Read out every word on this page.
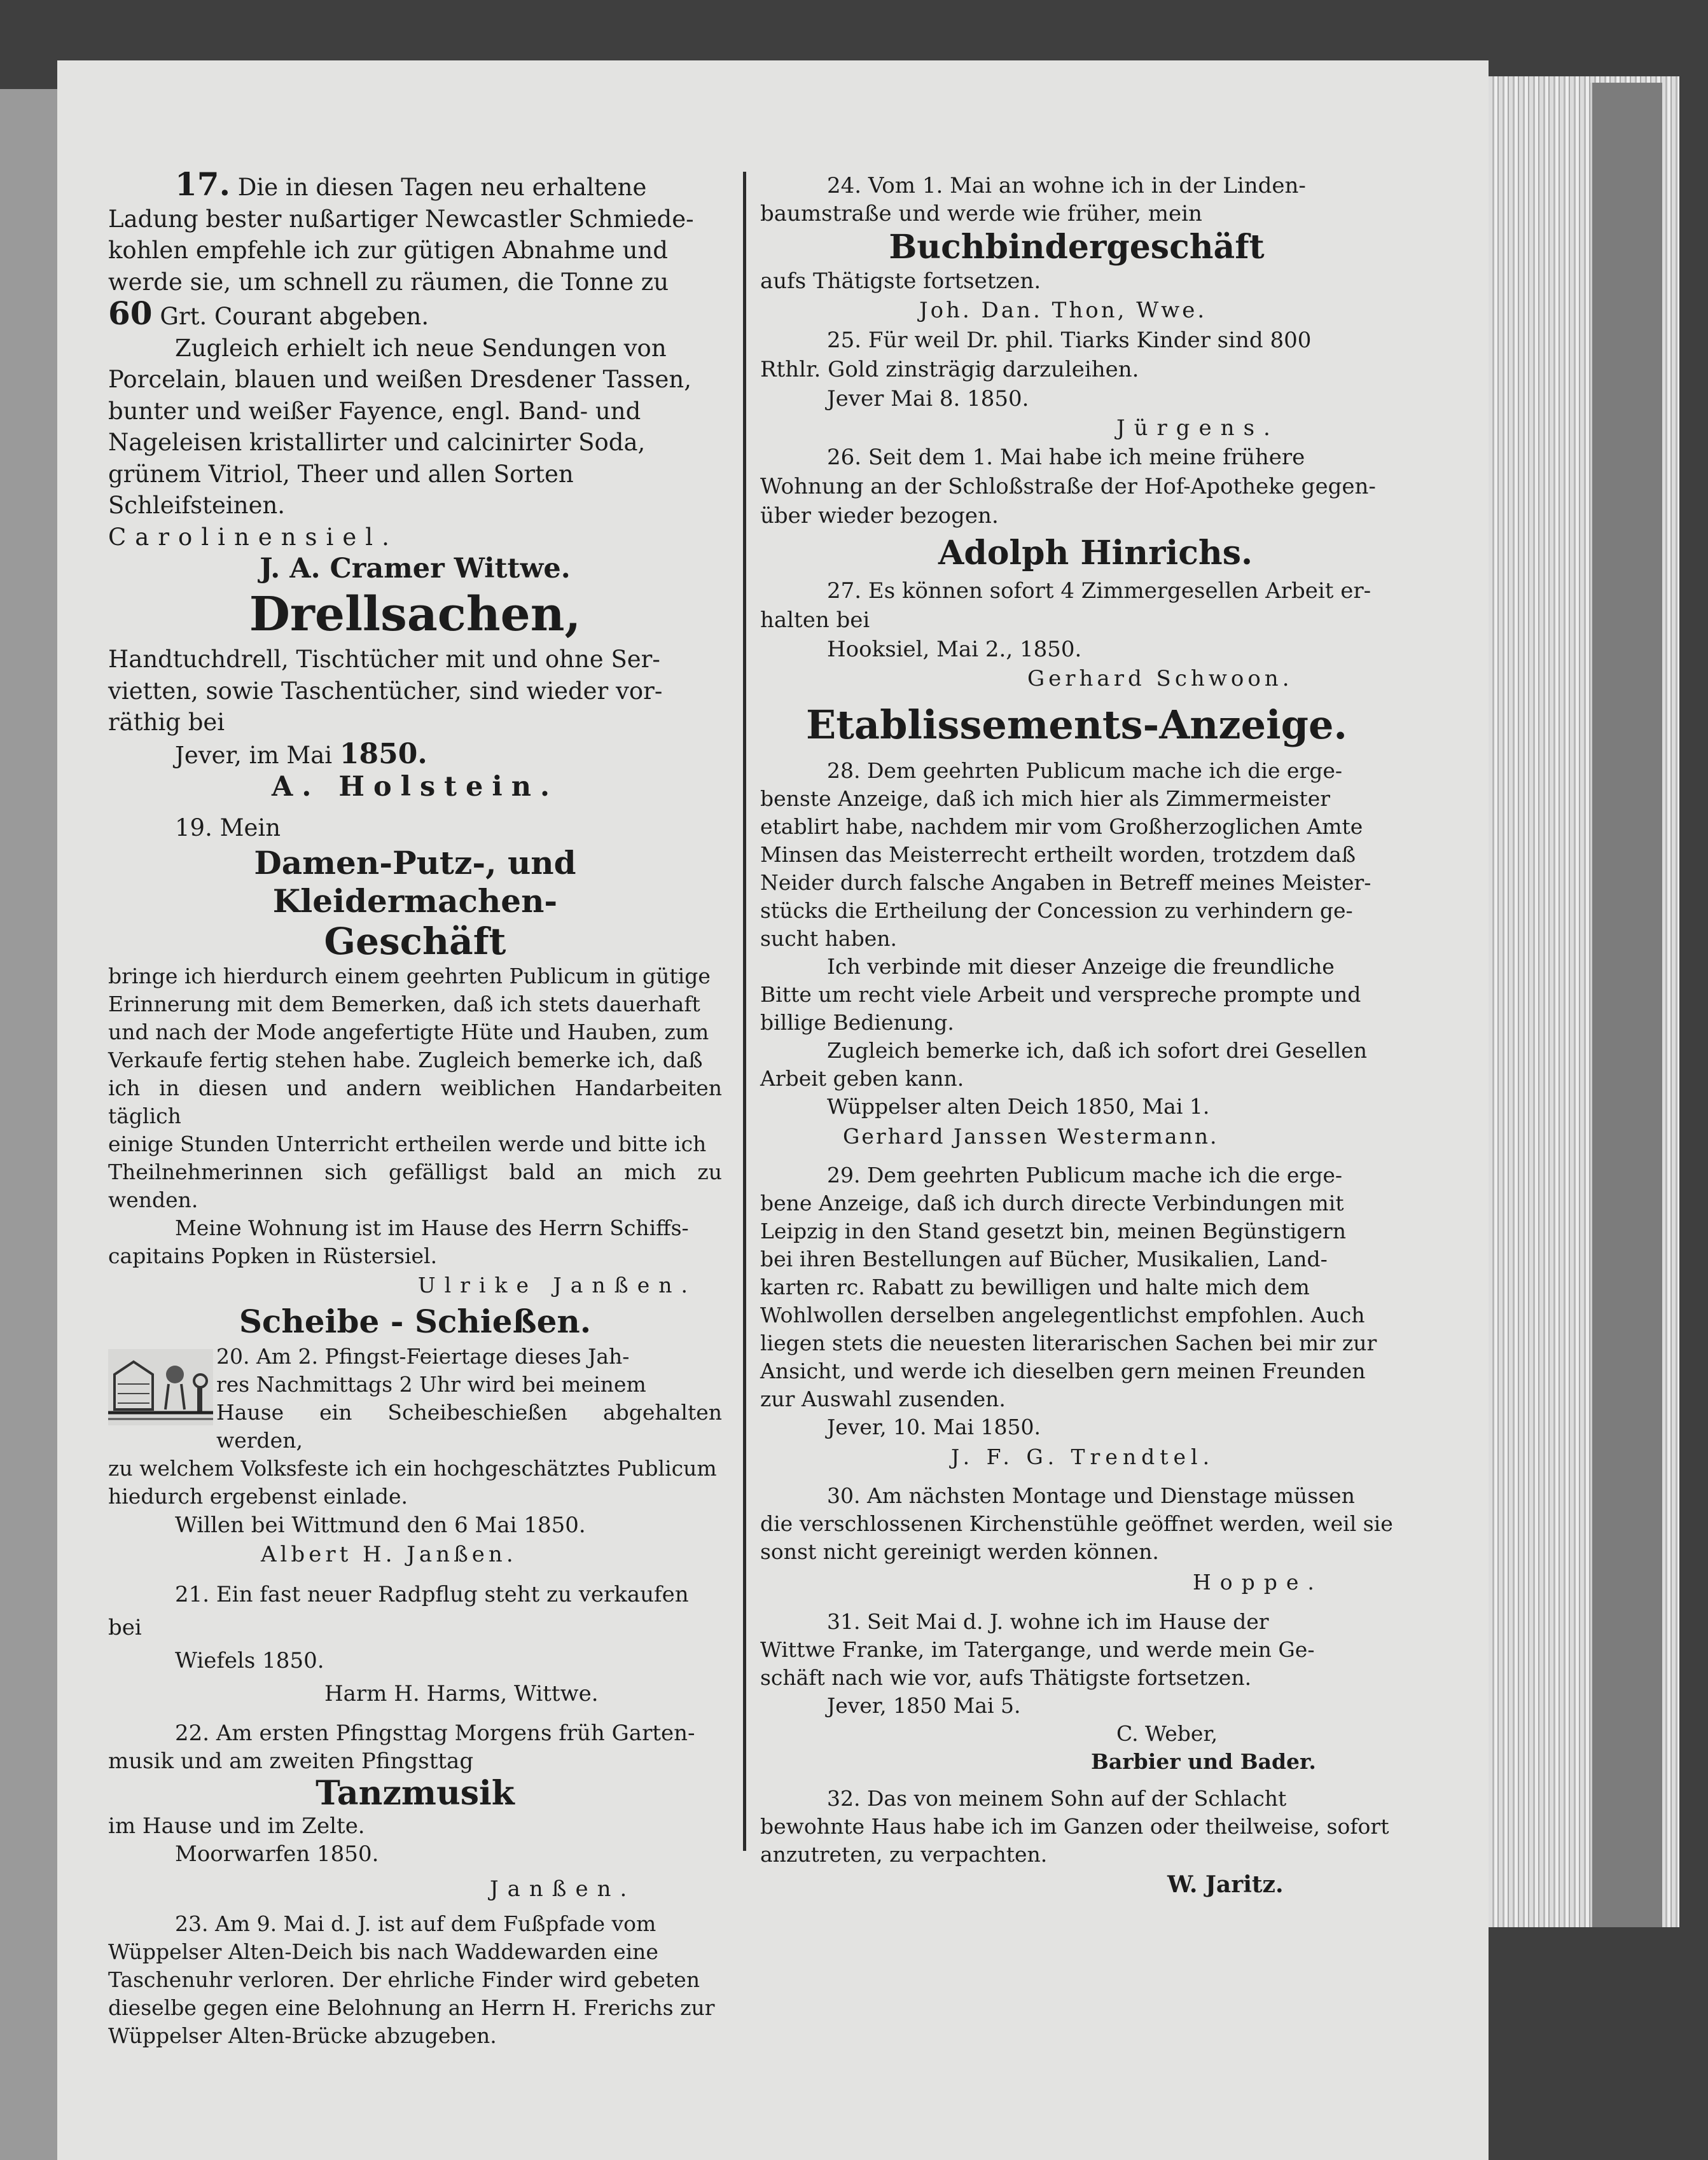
17. Die in diesen Tagen neu erhaltene

Ladung bester nußartiger Newcastler Schmiede-

kohlen empfehle ich zur gütigen Abnahme und

werde sie, um schnell zu räumen, die Tonne zu

60 Grt. Courant abgeben.

Zugleich erhielt ich neue Sendungen von

Porcelain, blauen und weißen Dresdener Tassen,

bunter und weißer Fayence, engl. Band- und

Nageleisen kristallirter und calcinirter Soda,

grünem Vitriol, Theer und allen Sorten

Schleifsteinen.

Carolinensiel.

J. A. Cramer Wittwe.

Drellsachen,

Handtuchdrell, Tischtücher mit und ohne Ser-

vietten, sowie Taschentücher, sind wieder vor-

räthig bei

Jever, im Mai 1850.

A. Holstein.

19. Mein

Damen-Putz-, und Kleidermachen-

Geschäft

bringe ich hierdurch einem geehrten Publicum in gütige

Erinnerung mit dem Bemerken, daß ich stets dauerhaft

und nach der Mode angefertigte Hüte und Hauben, zum

Verkaufe fertig stehen habe. Zugleich bemerke ich, daß

ich in diesen und andern weiblichen Handarbeiten täglich

einige Stunden Unterricht ertheilen werde und bitte ich

Theilnehmerinnen sich gefälligst bald an mich zu wenden.

Meine Wohnung ist im Hause des Herrn Schiffs-

capitains Popken in Rüstersiel.

Ulrike Janßen.

Scheibe - Schießen.

20. Am 2. Pfingst-Feiertage dieses Jah-

res Nachmittags 2 Uhr wird bei meinem

Hause ein Scheibeschießen abgehalten werden,

zu welchem Volksfeste ich ein hochgeschätztes Publicum

hiedurch ergebenst einlade.

Willen bei Wittmund den 6 Mai 1850.

Albert H. Janßen.

21. Ein fast neuer Radpflug steht zu verkaufen

bei

Wiefels 1850.

Harm H. Harms, Wittwe.

22. Am ersten Pfingsttag Morgens früh Garten-

musik und am zweiten Pfingsttag

Tanzmusik

im Hause und im Zelte.

Moorwarfen 1850.

Janßen.

23. Am 9. Mai d. J. ist auf dem Fußpfade vom

Wüppelser Alten-Deich bis nach Waddewarden eine

Taschenuhr verloren. Der ehrliche Finder wird gebeten

dieselbe gegen eine Belohnung an Herrn H. Frerichs zur

Wüppelser Alten-Brücke abzugeben.

24. Vom 1. Mai an wohne ich in der Linden-

baumstraße und werde wie früher, mein

Buchbindergeschäft

aufs Thätigste fortsetzen.

Joh. Dan. Thon, Wwe.

25. Für weil Dr. phil. Tiarks Kinder sind 800

Rthlr. Gold zinsträgig darzuleihen.

Jever Mai 8. 1850.

Jürgens.

26. Seit dem 1. Mai habe ich meine frühere

Wohnung an der Schloßstraße der Hof-Apotheke gegen-

über wieder bezogen.

Adolph Hinrichs.

27. Es können sofort 4 Zimmergesellen Arbeit er-

halten bei

Hooksiel, Mai 2., 1850.

Gerhard Schwoon.

Etablissements-Anzeige.

28. Dem geehrten Publicum mache ich die erge-

benste Anzeige, daß ich mich hier als Zimmermeister

etablirt habe, nachdem mir vom Großherzoglichen Amte

Minsen das Meisterrecht ertheilt worden, trotzdem daß

Neider durch falsche Angaben in Betreff meines Meister-

stücks die Ertheilung der Concession zu verhindern ge-

sucht haben.

Ich verbinde mit dieser Anzeige die freundliche

Bitte um recht viele Arbeit und verspreche prompte und

billige Bedienung.

Zugleich bemerke ich, daß ich sofort drei Gesellen

Arbeit geben kann.

Wüppelser alten Deich 1850, Mai 1.

Gerhard Janssen Westermann.

29. Dem geehrten Publicum mache ich die erge-

bene Anzeige, daß ich durch directe Verbindungen mit

Leipzig in den Stand gesetzt bin, meinen Begünstigern

bei ihren Bestellungen auf Bücher, Musikalien, Land-

karten rc. Rabatt zu bewilligen und halte mich dem

Wohlwollen derselben angelegentlichst empfohlen. Auch

liegen stets die neuesten literarischen Sachen bei mir zur

Ansicht, und werde ich dieselben gern meinen Freunden

zur Auswahl zusenden.

Jever, 10. Mai 1850.

J. F. G. Trendtel.

30. Am nächsten Montage und Dienstage müssen

die verschlossenen Kirchenstühle geöffnet werden, weil sie

sonst nicht gereinigt werden können.

Hoppe.

31. Seit Mai d. J. wohne ich im Hause der

Wittwe Franke, im Tatergange, und werde mein Ge-

schäft nach wie vor, aufs Thätigste fortsetzen.

Jever, 1850 Mai 5.

C. Weber,

Barbier und Bader.

32. Das von meinem Sohn auf der Schlacht

bewohnte Haus habe ich im Ganzen oder theilweise, sofort

anzutreten, zu verpachten.

W. Jaritz.
